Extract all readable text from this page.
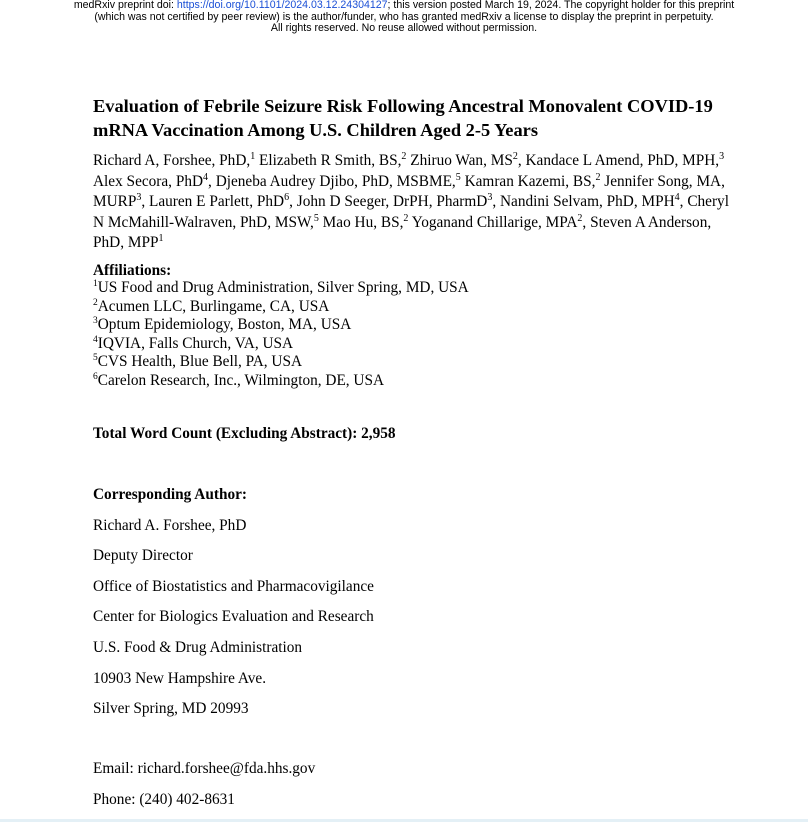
medRxiv preprint doi: https://doi.org/10.1101/2024.03.12.24304127; this version posted March 19, 2024. The copyright holder for this preprint
(which was not certified by peer review) is the author/funder, who has granted medRxiv a license to display the preprint in perpetuity.
All rights reserved. No reuse allowed without permission.
Evaluation of Febrile Seizure Risk Following Ancestral Monovalent COVID-19 mRNA Vaccination Among U.S. Children Aged 2-5 Years
Richard A, Forshee, PhD,$^1$ Elizabeth R Smith, BS,$^2$ Zhiruo Wan, $MS^2$, Kandace L Amend, PhD, MPH,$^3$ Alex Secora, PhD$^4$, Djeneba Audrey Djibo, PhD, MSBME,$^5$ Kamran Kazemi, BS,$^2$ Jennifer Song, MA, MURP$^3$, Lauren E Parlett, PhD$^6$, John D Seeger, DrPH, PharmD$^3$, Nandini Selvam, PhD, MPH$^4$, Cheryl N McMahill-Walraven, PhD, MSW,$^5$ Mao Hu, BS,$^2$ Yoganand Chillarige, MPA$^2$, Steven A Anderson, PhD, MPP$^1$
Affiliations:
$^1$US Food and Drug Administration, Silver Spring, MD, USA
$^2$Acumen LLC, Burlingame, CA, USA
$^3$Optum Epidemiology, Boston, MA, USA
$^4$IQVIA, Falls Church, VA, USA
$^5$CVS Health, Blue Bell, PA, USA
$^6$Carelon Research, Inc., Wilmington, DE, USA
Total Word Count (Excluding Abstract): 2,958
Corresponding Author:
Richard A. Forshee, PhD
Deputy Director
Office of Biostatistics and Pharmacovigilance
Center for Biologics Evaluation and Research
U.S. Food & Drug Administration
10903 New Hampshire Ave.
Silver Spring, MD 20993
Email: richard.forshee@fda.hhs.gov
Phone: (240) 402-8631
